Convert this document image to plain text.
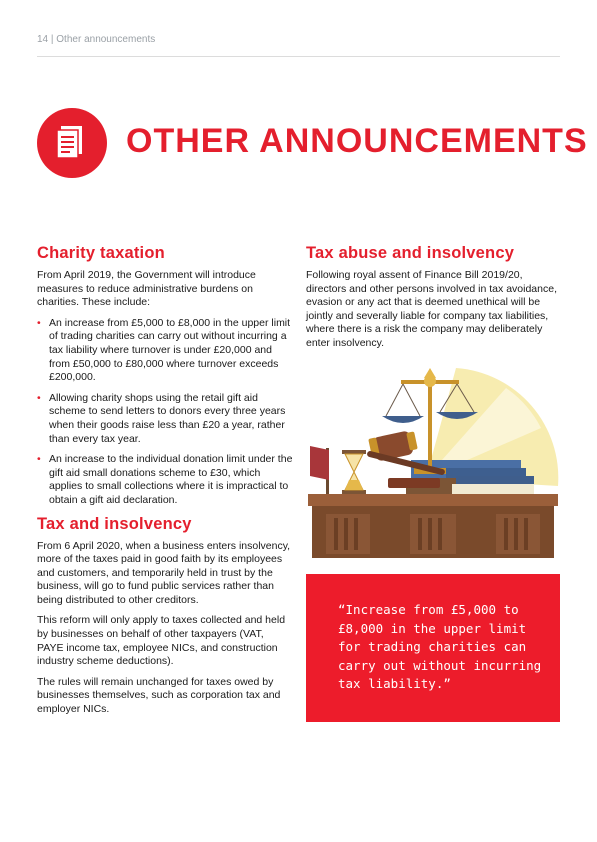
14 | Other announcements
OTHER ANNOUNCEMENTS
Charity taxation

From April 2019, the Government will introduce measures to reduce administrative burdens on charities. These include:

• An increase from £5,000 to £8,000 in the upper limit of trading charities can carry out without incurring a tax liability where turnover is under £20,000 and from £50,000 to £80,000 where turnover exceeds £200,000.
• Allowing charity shops using the retail gift aid scheme to send letters to donors every three years when their goods raise less than £20 a year, rather than every tax year.
• An increase to the individual donation limit under the gift aid small donations scheme to £30, which applies to small collections where it is impractical to obtain a gift aid declaration.
Tax and insolvency

From 6 April 2020, when a business enters insolvency, more of the taxes paid in good faith by its employees and customers, and temporarily held in trust by the business, will go to fund public services rather than being distributed to other creditors.

This reform will only apply to taxes collected and held by businesses on behalf of other taxpayers (VAT, PAYE income tax, employee NICs, and construction industry scheme deductions).

The rules will remain unchanged for taxes owed by businesses themselves, such as corporation tax and employer NICs.

Tax abuse and insolvency

Following royal assent of Finance Bill 2019/20, directors and other persons involved in tax avoidance, evasion or any act that is deemed unethical will be jointly and severally liable for company tax liabilities, where there is a risk the company may deliberately enter insolvency.

“Increase from £5,000 to £8,000 in the upper limit for trading charities can carry out without incurring tax liability.”
